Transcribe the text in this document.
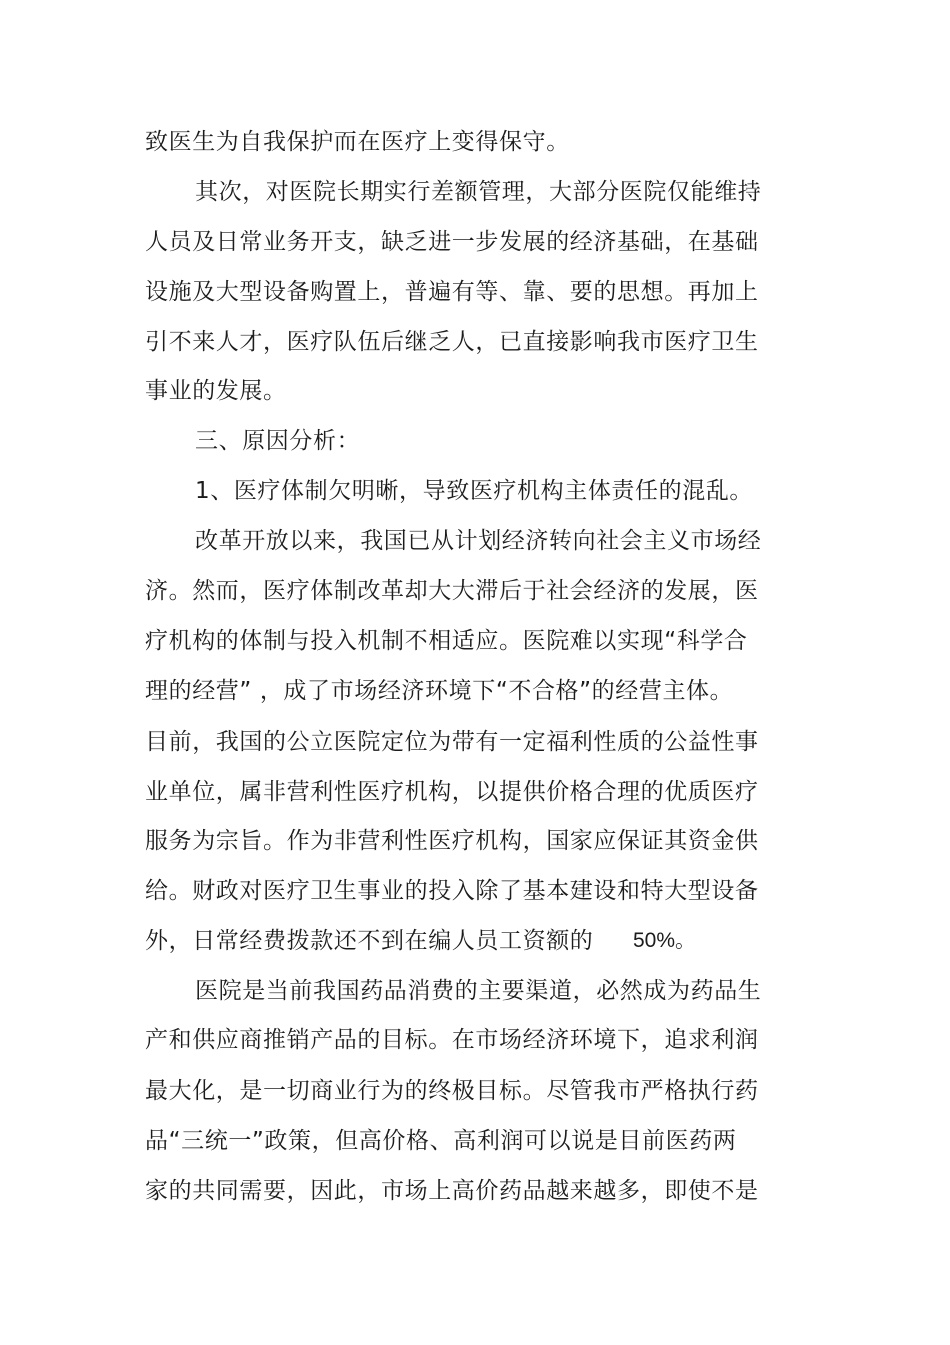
致医生为自我保护而在医疗上变得保守。
其次，对医院长期实行差额管理，大部分医院仅能维持
人员及日常业务开支，缺乏进一步发展的经济基础，在基础
设施及大型设备购置上，普遍有等、靠、要的思想。再加上
引不来人才，医疗队伍后继乏人，已直接影响我市医疗卫生
事业的发展。
三、原因分析：
1、医疗体制欠明晰，导致医疗机构主体责任的混乱。
改革开放以来，我国已从计划经济转向社会主义市场经
济。然而，医疗体制改革却大大滞后于社会经济的发展，医
疗机构的体制与投入机制不相适应。医院难以实现“科学合
理的经营” ，成了市场经济环境下“不合格”的经营主体。
目前，我国的公立医院定位为带有一定福利性质的公益性事
业单位，属非营利性医疗机构，以提供价格合理的优质医疗
服务为宗旨。作为非营利性医疗机构，国家应保证其资金供
给。财政对医疗卫生事业的投入除了基本建设和特大型设备
外，日常经费拨款还不到在编人员工资额的	50%。
医院是当前我国药品消费的主要渠道，必然成为药品生
产和供应商推销产品的目标。在市场经济环境下，追求利润
最大化，是一切商业行为的终极目标。尽管我市严格执行药
品“三统一”政策，但高价格、高利润可以说是目前医药两
家的共同需要，因此，市场上高价药品越来越多，即使不是
